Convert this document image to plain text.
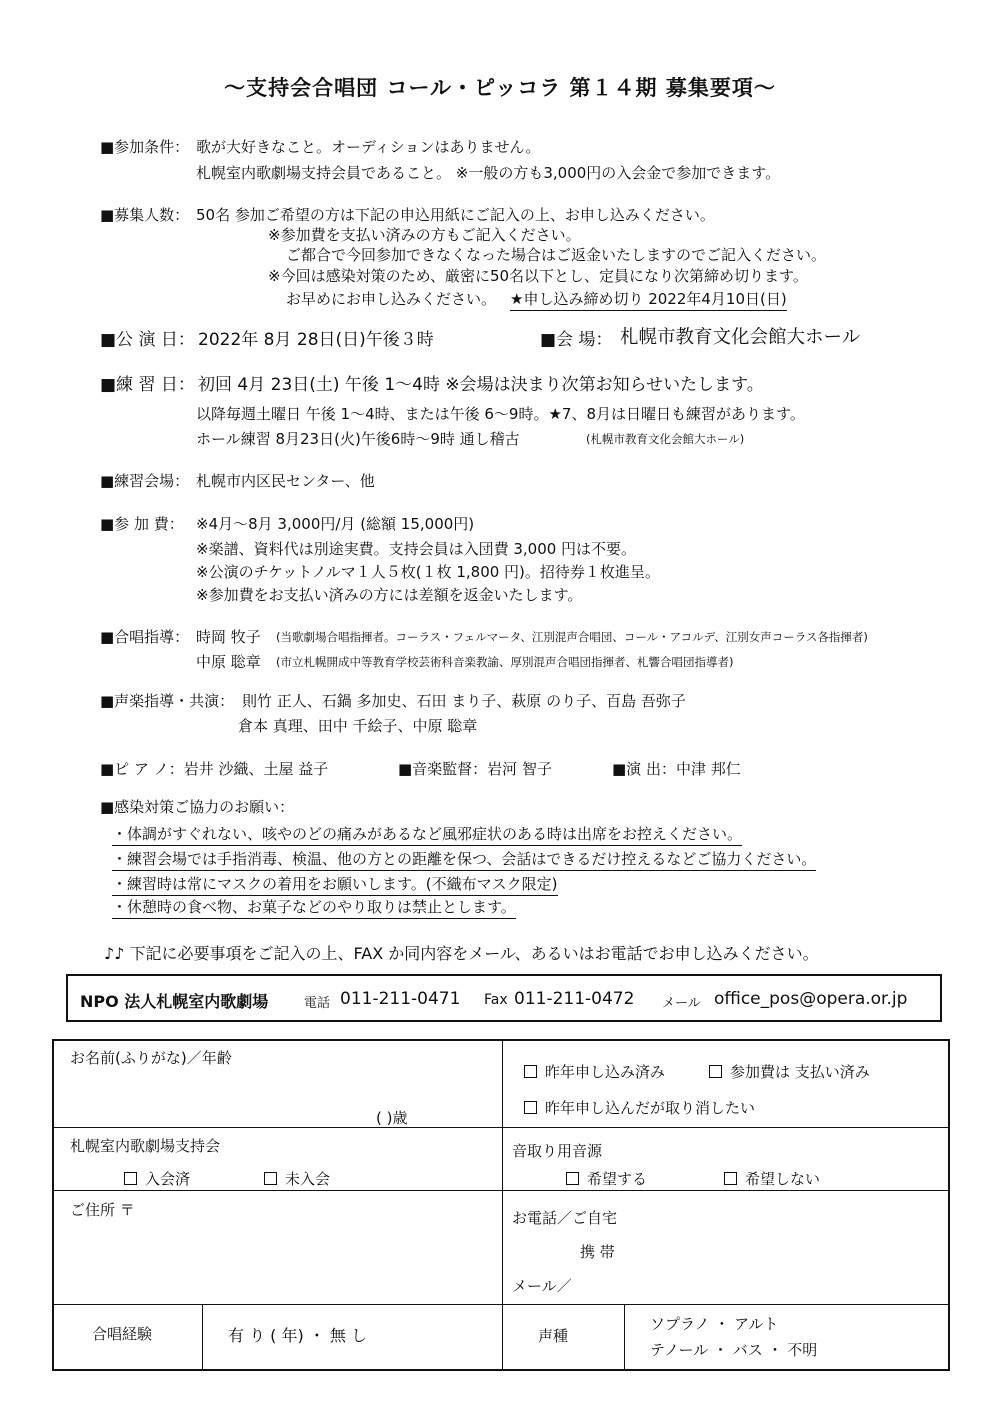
〜支持会合唱団 コール・ピッコラ 第１４期 募集要項〜
■参加条件： 歌が大好きなこと。オーディションはありません。
札幌室内歌劇場支持会員であること。 ※一般の方も3,000円の入会金で参加できます。
■募集人数： 50名 参加ご希望の方は下記の申込用紙にご記入の上、お申し込みください。
※参加費を支払い済みの方もご記入ください。
ご都合で今回参加できなくなった場合はご返金いたしますのでご記入ください。
※今回は感染対策のため、厳密に50名以下とし、定員になり次第締め切ります。
お早めにお申し込みください。 ★申し込み締め切り 2022年4月10日(日)
■公 演 日： 2022年 8月 28日(日)午後３時	■会 場： 札幌市教育文化会館大ホール
■練 習 日： 初回 4月 23日(土) 午後 1〜4時 ※会場は決まり次第お知らせいたします。
以降毎週土曜日 午後 1〜4時、または午後 6〜9時。★7、8月は日曜日も練習があります。
ホール練習 8月23日(火)午後6時〜9時 通し稽古	(札幌市教育文化会館大ホール)
■練習会場： 札幌市内区民センター、他
■参 加 費： ※4月〜8月 3,000円/月 (総額 15,000円)
※楽譜、資料代は別途実費。支持会員は入団費 3,000 円は不要。
※公演のチケットノルマ１人５枚(１枚 1,800 円)。招待券１枚進呈。
※参加費をお支払い済みの方には差額を返金いたします。
■合唱指導： 時岡 牧子 (当歌劇場合唱指揮者。コーラス・フェルマータ、江別混声合唱団、コール・アコルデ、江別女声コーラス各指揮者)
中原 聡章 (市立札幌開成中等教育学校芸術科音楽教諭、厚別混声合唱団指揮者、札響合唱団指導者)
■声楽指導・共演： 則竹 正人、石鍋 多加史、石田 まり子、萩原 のり子、百島 吾弥子
倉本 真理、田中 千絵子、中原 聡章
■ピ ア ノ：岩井 沙織、土屋 益子	■音楽監督：岩河 智子	■演 出：中津 邦仁
■感染対策ご協力のお願い：
・体調がすぐれない、咳やのどの痛みがあるなど風邪症状のある時は出席をお控えください。
・練習会場では手指消毒、検温、他の方との距離を保つ、会話はできるだけ控えるなどご協力ください。
・練習時は常にマスクの着用をお願いします。(不織布マスク限定)
・休憩時の食べ物、お菓子などのやり取りは禁止とします。
♪♪ 下記に必要事項をご記入の上、FAX か同内容をメール、あるいはお電話でお申し込みください。
NPO 法人札幌室内歌劇場	電話 011-211-0471 Fax 011-211-0472 メール office_pos@opera.or.jp
お名前(ふりがな)／年齢
( )歳
昨年申し込み済み	参加費は 支払い済み
昨年申し込んだが取り消したい
札幌室内歌劇場支持会
入会済	未入会
音取り用音源
希望する	希望しない
ご住所 〒	お電話／ご自宅
携 帯
メール／
合唱経験	有 り ( 年) ・ 無 し	声種
ソプラノ ・ アルト
テノール ・ バス ・ 不明
